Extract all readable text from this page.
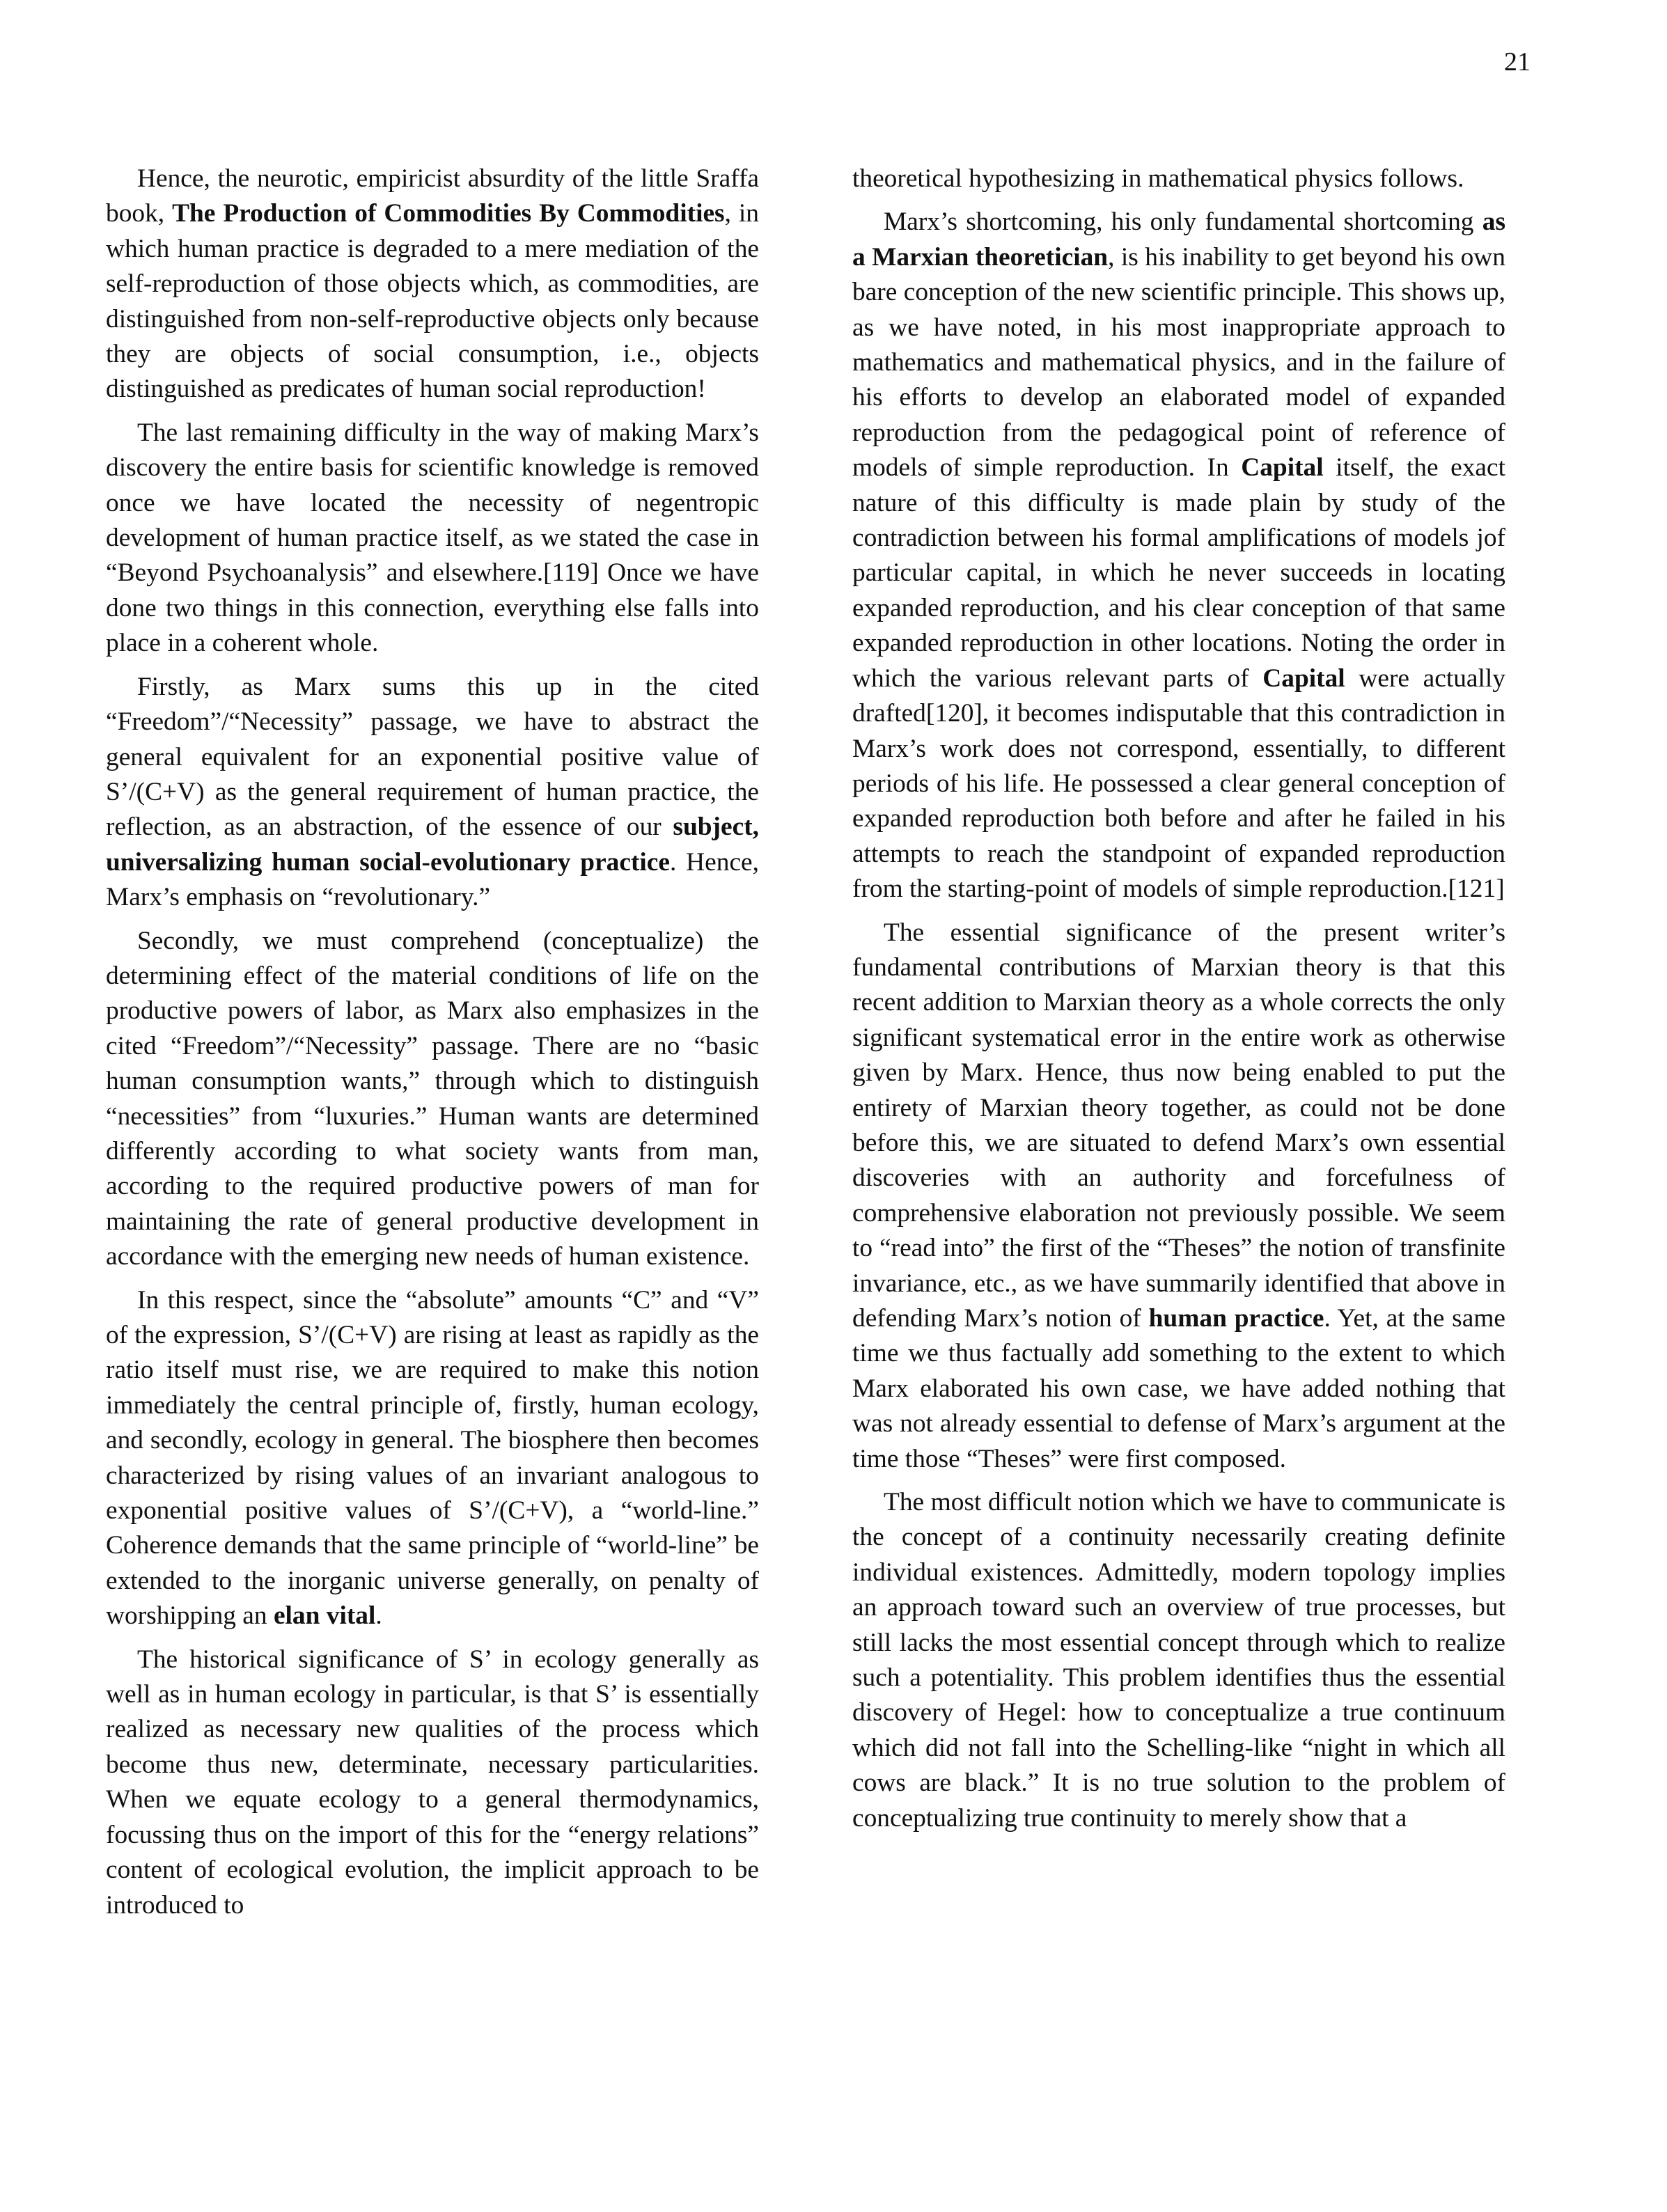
21

Hence, the neurotic, empiricist absurdity of the little Sraffa book, The Production of Commodities By Commodities, in which human practice is degraded to a mere mediation of the self-reproduction of those objects which, as commodities, are distinguished from non-self-reproductive objects only because they are objects of social consumption, i.e., objects distinguished as predicates of human social reproduction!

The last remaining difficulty in the way of making Marx’s discovery the entire basis for scientific knowledge is removed once we have located the necessity of negentropic development of human practice itself, as we stated the case in “Beyond Psychoanalysis” and elsewhere.[119] Once we have done two things in this connection, everything else falls into place in a coherent whole.

Firstly, as Marx sums this up in the cited “Freedom”/“Necessity” passage, we have to abstract the general equivalent for an exponential positive value of S’/(C+V) as the general requirement of human practice, the reflection, as an abstraction, of the essence of our subject, universalizing human social-evolutionary practice. Hence, Marx’s emphasis on “revolutionary.”

Secondly, we must comprehend (conceptualize) the determining effect of the material conditions of life on the productive powers of labor, as Marx also emphasizes in the cited “Freedom”/“Necessity” passage. There are no “basic human consumption wants,” through which to distinguish “necessities” from “luxuries.” Human wants are determined differently according to what society wants from man, according to the required productive powers of man for maintaining the rate of general productive development in accordance with the emerging new needs of human existence.

In this respect, since the “absolute” amounts “C” and “V” of the expression, S’/(C+V) are rising at least as rapidly as the ratio itself must rise, we are required to make this notion immediately the central principle of, firstly, human ecology, and secondly, ecology in general. The biosphere then becomes characterized by rising values of an invariant analogous to exponential positive values of S’/(C+V), a “world-line.” Coherence demands that the same principle of “world-line” be extended to the inorganic universe generally, on penalty of worshipping an elan vital.

The historical significance of S’ in ecology generally as well as in human ecology in particular, is that S’ is essentially realized as necessary new qualities of the process which become thus new, determinate, necessary particularities. When we equate ecology to a general thermodynamics, focussing thus on the import of this for the “energy relations” content of ecological evolution, the implicit approach to be introduced to

theoretical hypothesizing in mathematical physics follows.

Marx’s shortcoming, his only fundamental shortcoming as a Marxian theoretician, is his inability to get beyond his own bare conception of the new scientific principle. This shows up, as we have noted, in his most inappropriate approach to mathematics and mathematical physics, and in the failure of his efforts to develop an elaborated model of expanded reproduction from the pedagogical point of reference of models of simple reproduction. In Capital itself, the exact nature of this difficulty is made plain by study of the contradiction between his formal amplifications of models jof particular capital, in which he never succeeds in locating expanded reproduction, and his clear conception of that same expanded reproduction in other locations. Noting the order in which the various relevant parts of Capital were actually drafted[120], it becomes indisputable that this contradiction in Marx’s work does not correspond, essentially, to different periods of his life. He possessed a clear general conception of expanded reproduction both before and after he failed in his attempts to reach the standpoint of expanded reproduction from the starting-point of models of simple reproduction.[121]

The essential significance of the present writer’s fundamental contributions of Marxian theory is that this recent addition to Marxian theory as a whole corrects the only significant systematical error in the entire work as otherwise given by Marx. Hence, thus now being enabled to put the entirety of Marxian theory together, as could not be done before this, we are situated to defend Marx’s own essential discoveries with an authority and forcefulness of comprehensive elaboration not previously possible. We seem to “read into” the first of the “Theses” the notion of transfinite invariance, etc., as we have summarily identified that above in defending Marx’s notion of human practice. Yet, at the same time we thus factually add something to the extent to which Marx elaborated his own case, we have added nothing that was not already essential to defense of Marx’s argument at the time those “Theses” were first composed.

The most difficult notion which we have to communicate is the concept of a continuity necessarily creating definite individual existences. Admittedly, modern topology implies an approach toward such an overview of true processes, but still lacks the most essential concept through which to realize such a potentiality. This problem identifies thus the essential discovery of Hegel: how to conceptualize a true continuum which did not fall into the Schelling-like “night in which all cows are black.” It is no true solution to the problem of conceptualizing true continuity to merely show that a
